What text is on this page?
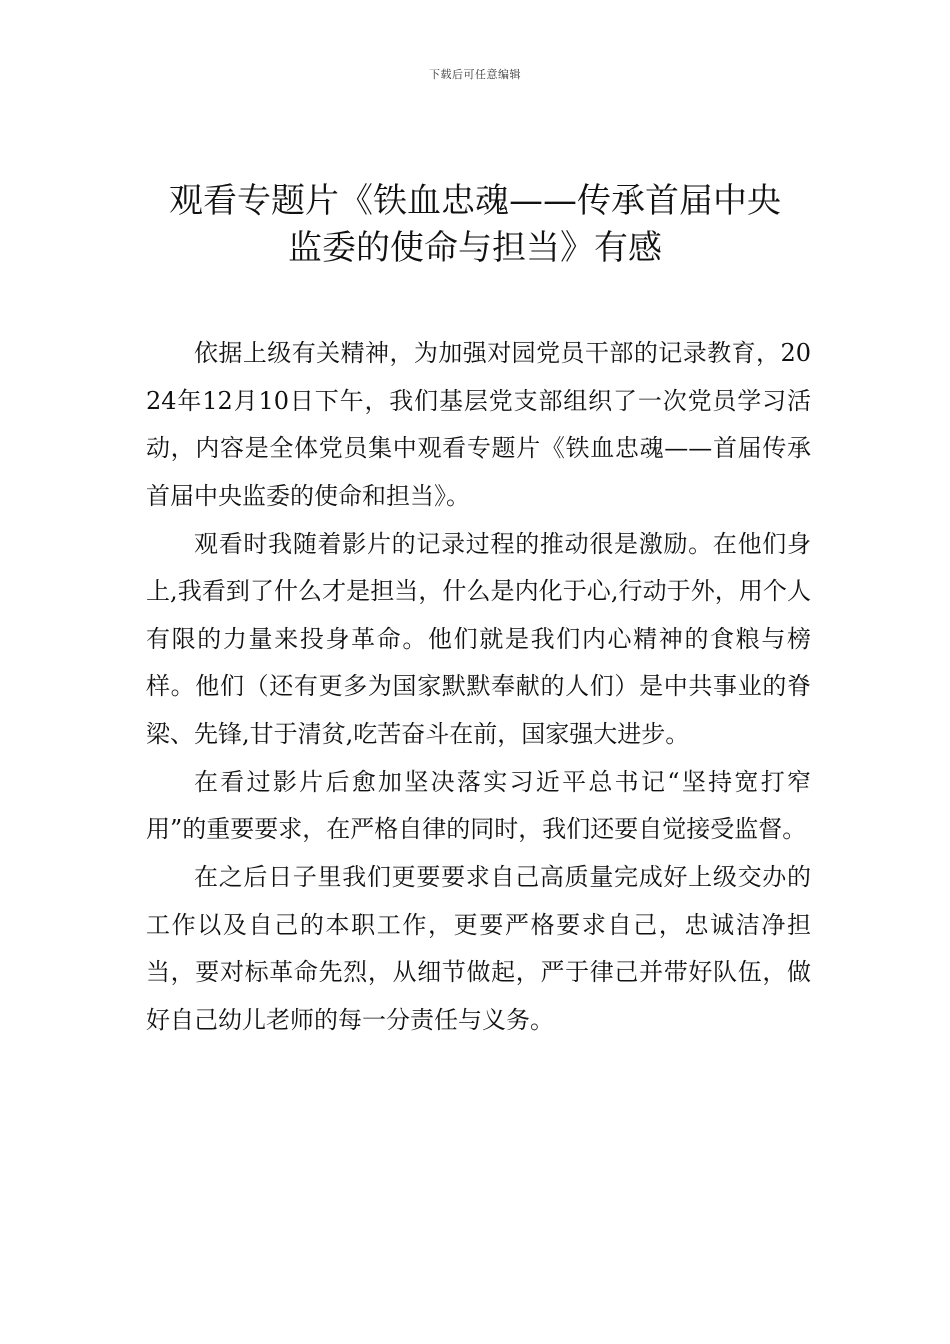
下载后可任意编辑
观看专题片《铁血忠魂——传承首届中央
监委的使命与担当》有感

依据上级有关精神，为加强对园党员干部的记录教育，2024年12月10日下午，我们基层党支部组织了一次党员学习活动，内容是全体党员集中观看专题片《铁血忠魂——首届传承首届中央监委的使命和担当》。

观看时我随着影片的记录过程的推动很是激励。在他们身上,我看到了什么才是担当，什么是内化于心,行动于外，用个人有限的力量来投身革命。他们就是我们内心精神的食粮与榜样。他们（还有更多为国家默默奉献的人们）是中共事业的脊梁、先锋,甘于清贫,吃苦奋斗在前，国家强大进步。

在看过影片后愈加坚决落实习近平总书记“坚持宽打窄用”的重要要求，在严格自律的同时，我们还要自觉接受监督。

在之后日子里我们更要要求自己高质量完成好上级交办的工作以及自己的本职工作，更要严格要求自己，忠诚洁净担当，要对标革命先烈，从细节做起，严于律己并带好队伍，做好自己幼儿老师的每一分责任与义务。
